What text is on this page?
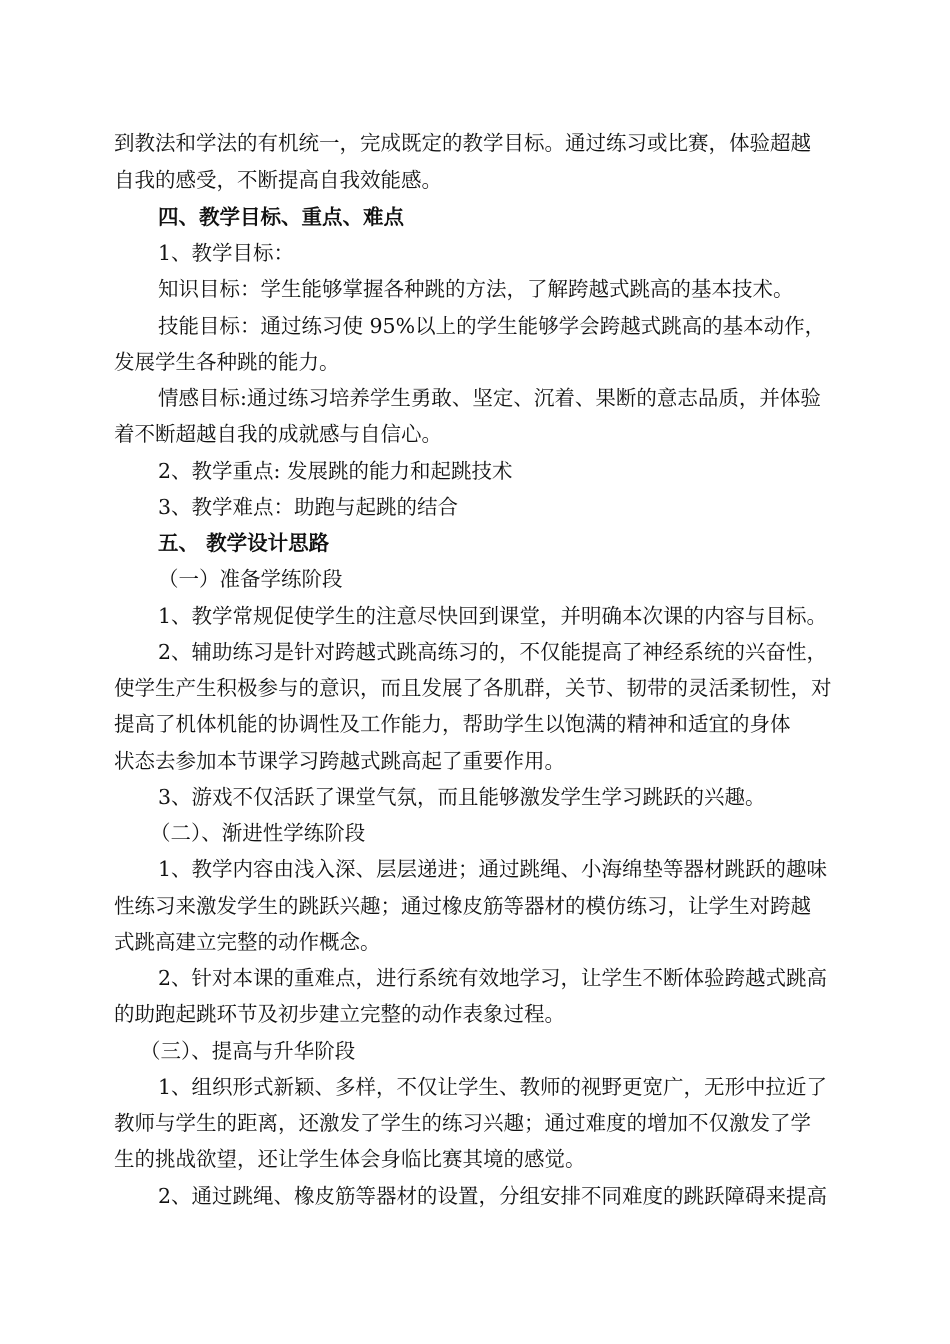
到教法和学法的有机统一，完成既定的教学目标。通过练习或比赛，体验超越
自我的感受，不断提高自我效能感。
四、教学目标、重点、难点
1、教学目标：
知识目标：学生能够掌握各种跳的方法，了解跨越式跳高的基本技术。
技能目标：通过练习使 95%以上的学生能够学会跨越式跳高的基本动作，
发展学生各种跳的能力。
情感目标:通过练习培养学生勇敢、坚定、沉着、果断的意志品质，并体验
着不断超越自我的成就感与自信心。
2、教学重点: 发展跳的能力和起跳技术
3、教学难点：助跑与起跳的结合
五、 教学设计思路
（一）准备学练阶段
1、教学常规促使学生的注意尽快回到课堂，并明确本次课的内容与目标。
2、辅助练习是针对跨越式跳高练习的，不仅能提高了神经系统的兴奋性，
使学生产生积极参与的意识，而且发展了各肌群，关节、韧带的灵活柔韧性，对
提高了机体机能的协调性及工作能力，帮助学生以饱满的精神和适宜的身体
状态去参加本节课学习跨越式跳高起了重要作用。
3、游戏不仅活跃了课堂气氛，而且能够激发学生学习跳跃的兴趣。
（二）、渐进性学练阶段
1、教学内容由浅入深、层层递进；通过跳绳、小海绵垫等器材跳跃的趣味
性练习来激发学生的跳跃兴趣；通过橡皮筋等器材的模仿练习，让学生对跨越
式跳高建立完整的动作概念。
2、针对本课的重难点，进行系统有效地学习，让学生不断体验跨越式跳高
的助跑起跳环节及初步建立完整的动作表象过程。
（三）、提高与升华阶段
1、组织形式新颖、多样，不仅让学生、教师的视野更宽广，无形中拉近了
教师与学生的距离，还激发了学生的练习兴趣；通过难度的增加不仅激发了学
生的挑战欲望，还让学生体会身临比赛其境的感觉。
2、通过跳绳、橡皮筋等器材的设置，分组安排不同难度的跳跃障碍来提高
